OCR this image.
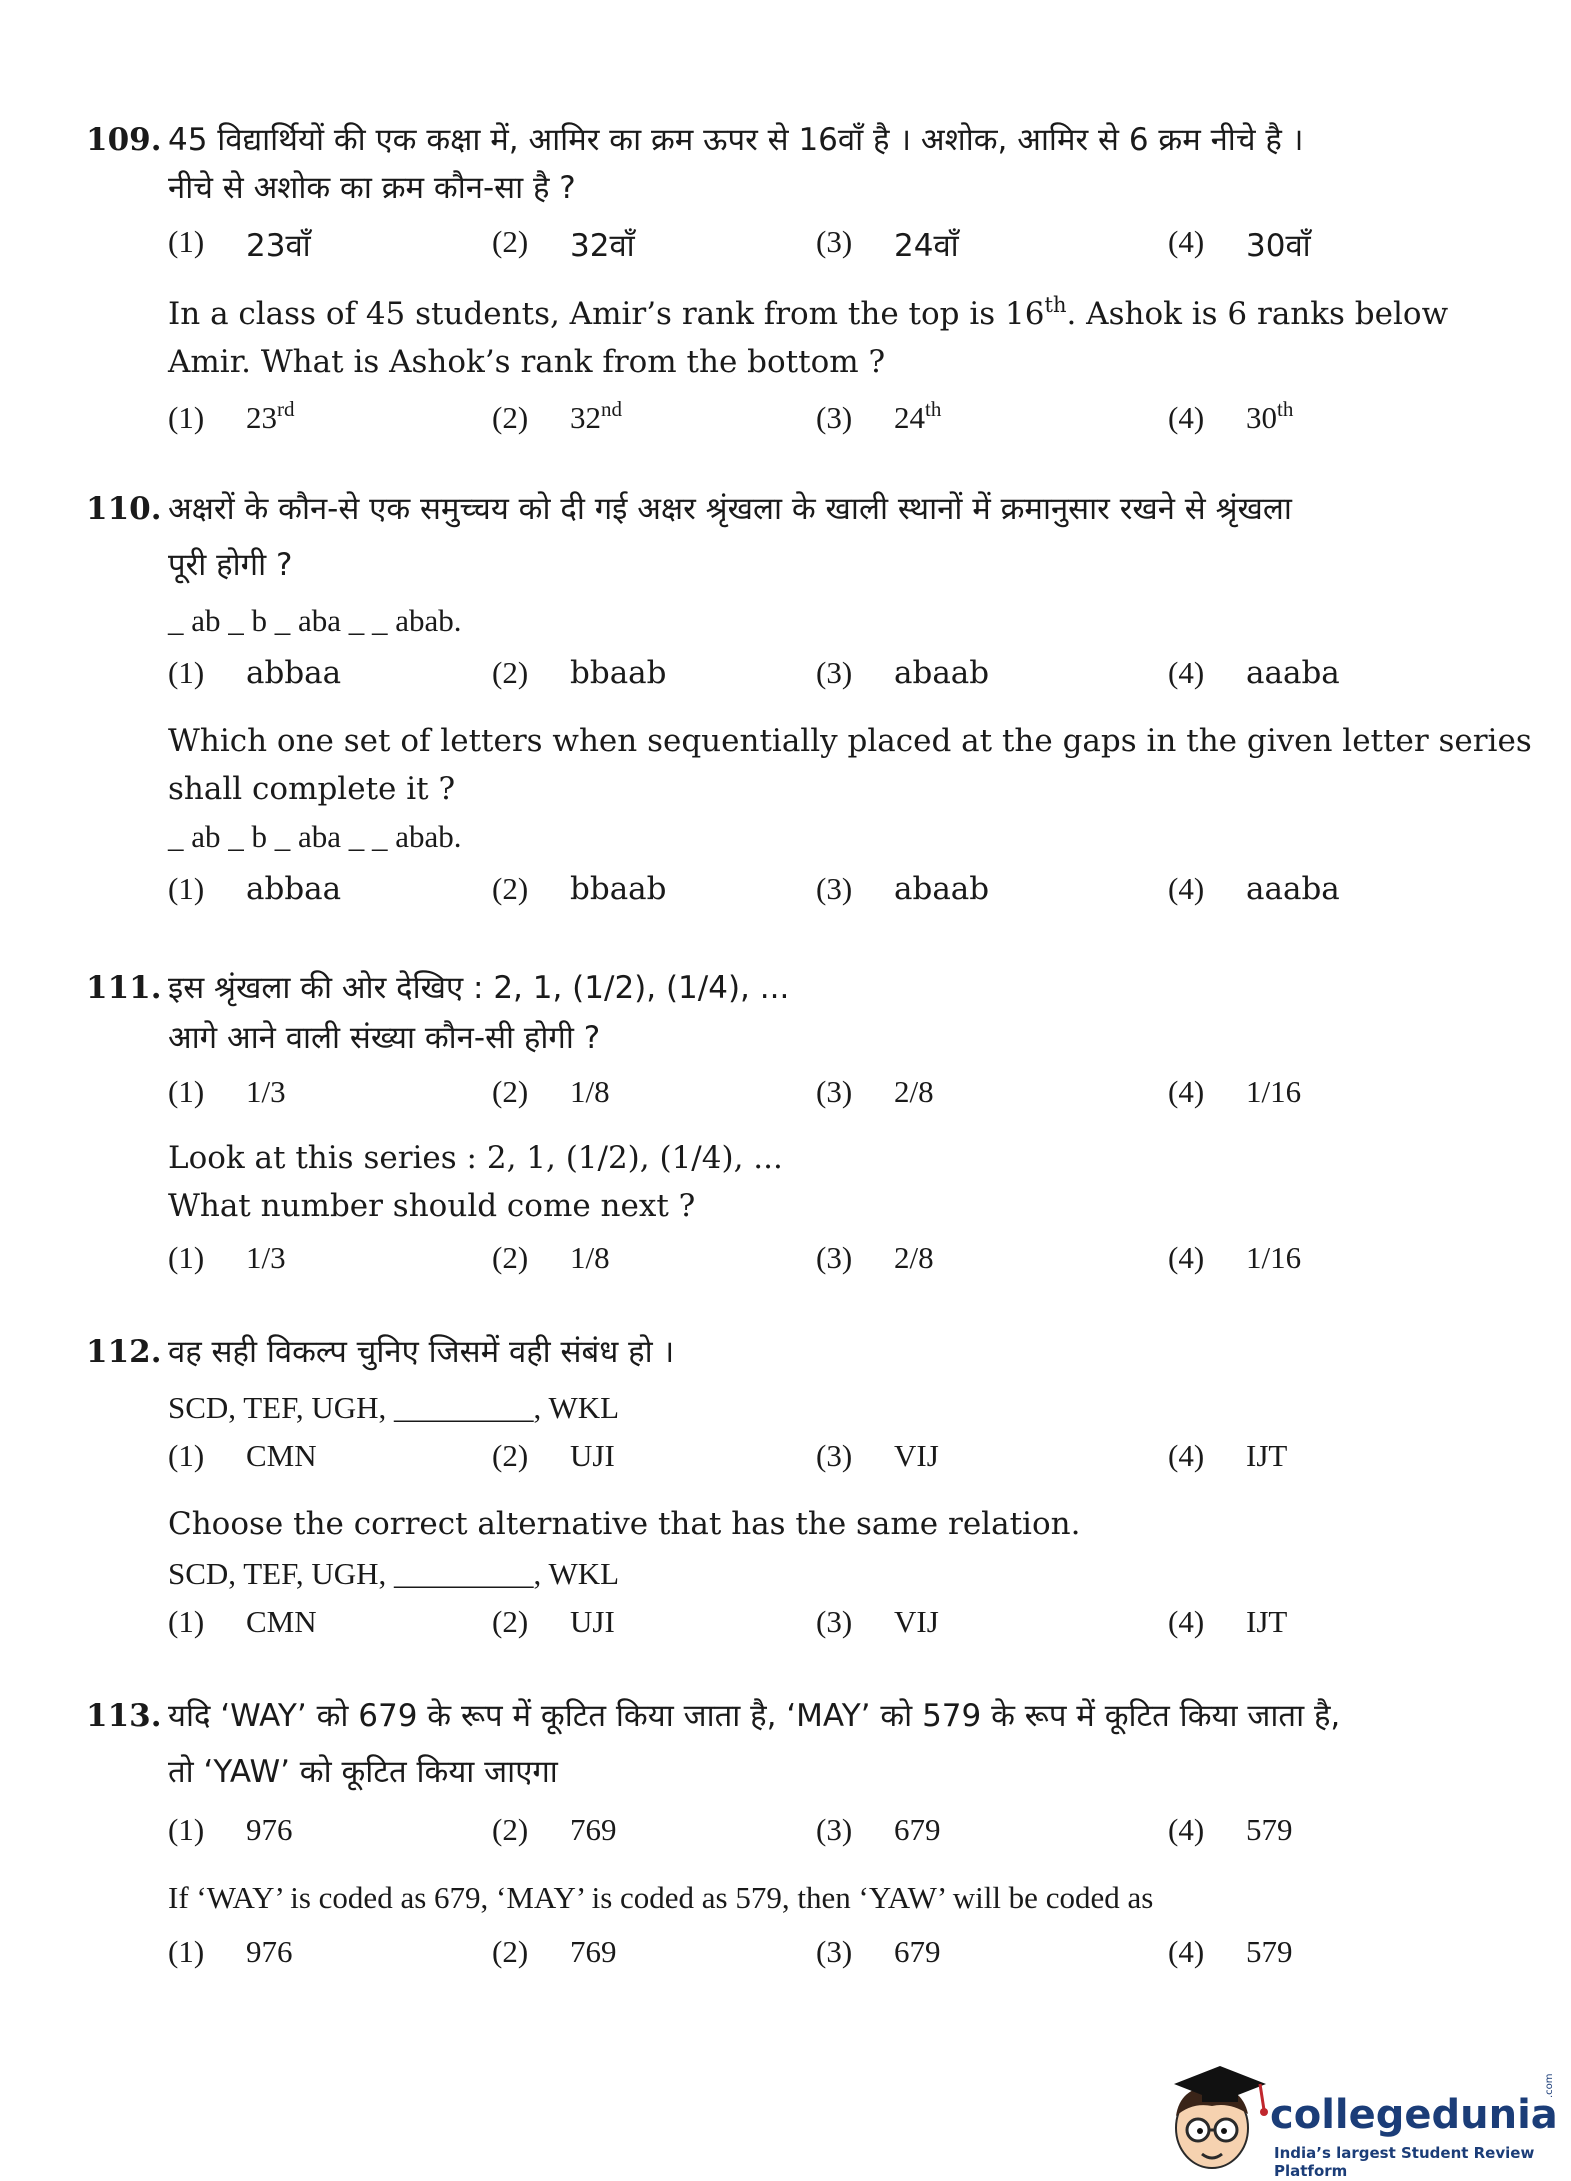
109. 45 विद्यार्थियों की एक कक्षा में, आमिर का क्रम ऊपर से 16वाँ है । अशोक, आमिर से 6 क्रम नीचे है ।
नीचे से अशोक का क्रम कौन-सा है ?
(1) 23वाँ	(2) 32वाँ	(3) 24वाँ	(4) 30वाँ
In a class of 45 students, Amir’s rank from the top is 16th. Ashok is 6 ranks below
Amir. What is Ashok’s rank from the bottom ?
(1) 23rd	(2) 32nd	(3) 24th	(4) 30th
110. अक्षरों के कौन-से एक समुच्चय को दी गई अक्षर श्रृंखला के खाली स्थानों में क्रमानुसार रखने से श्रृंखला
पूरी होगी ?
_ ab _ b _ aba _ _ abab.
(1) abbaa	(2) bbaab	(3) abaab	(4) aaaba
Which one set of letters when sequentially placed at the gaps in the given letter series
shall complete it ?
_ ab _ b _ aba _ _ abab.
(1) abbaa	(2) bbaab	(3) abaab	(4) aaaba
111. इस श्रृंखला की ओर देखिए : 2, 1, (1/2), (1/4), ...
आगे आने वाली संख्या कौन-सी होगी ?
(1) 1/3	(2) 1/8	(3) 2/8	(4) 1/16
Look at this series : 2, 1, (1/2), (1/4), ...
What number should come next ?
(1) 1/3	(2) 1/8	(3) 2/8	(4) 1/16
112. वह सही विकल्प चुनिए जिसमें वही संबंध हो ।
SCD, TEF, UGH, _________, WKL
(1) CMN	(2) UJI	(3) VIJ	(4) IJT
Choose the correct alternative that has the same relation.
SCD, TEF, UGH, _________, WKL
(1) CMN	(2) UJI	(3) VIJ	(4) IJT
113. यदि ‘WAY’ को 679 के रूप में कूटित किया जाता है, ‘MAY’ को 579 के रूप में कूटित किया जाता है,
तो ‘YAW’ को कूटित किया जाएगा
(1) 976	(2) 769	(3) 679	(4) 579
If ‘WAY’ is coded as 679, ‘MAY’ is coded as 579, then ‘YAW’ will be coded as
(1) 976	(2) 769	(3) 679	(4) 579
collegedunia
.com
India’s largest Student Review Platform
